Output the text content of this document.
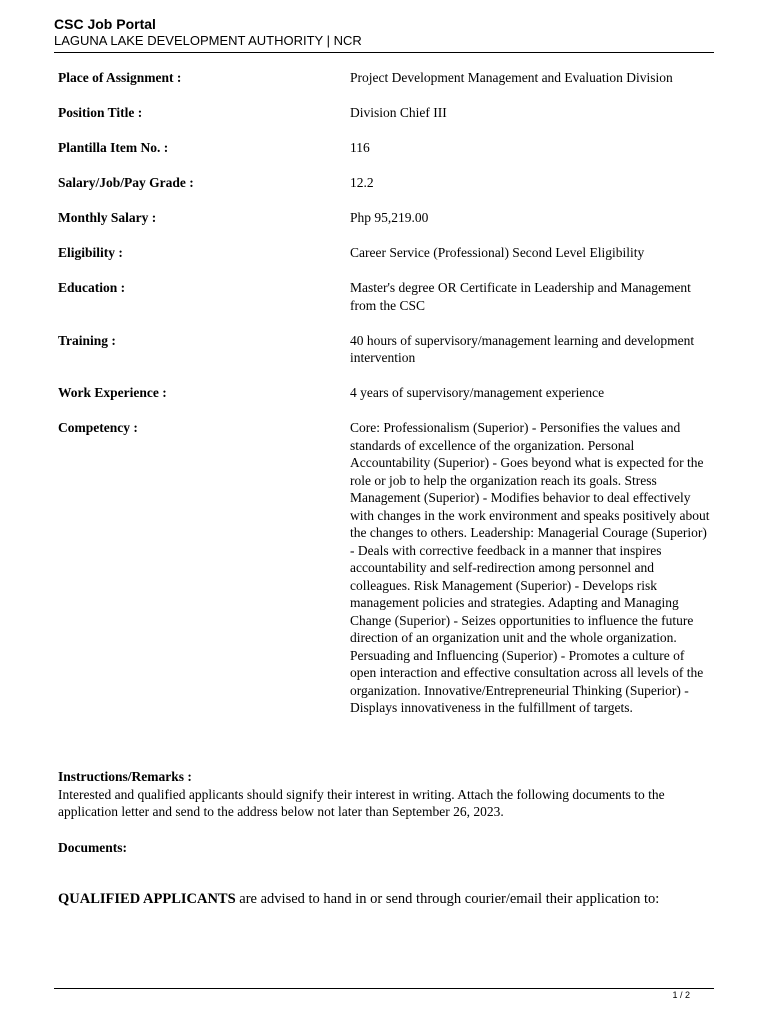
CSC Job Portal
LAGUNA LAKE DEVELOPMENT AUTHORITY | NCR
Place of Assignment :	Project Development Management and Evaluation Division
Position Title :	Division Chief III
Plantilla Item No. :	116
Salary/Job/Pay Grade :	12.2
Monthly Salary :	Php 95,219.00
Eligibility :	Career Service (Professional) Second Level Eligibility
Education :	Master's degree OR Certificate in Leadership and Management from the CSC
Training :	40 hours of supervisory/management learning and development intervention
Work Experience :	4 years of supervisory/management experience
Competency :	Core: Professionalism (Superior) - Personifies the values and standards of excellence of the organization. Personal Accountability (Superior) - Goes beyond what is expected for the role or job to help the organization reach its goals. Stress Management (Superior) - Modifies behavior to deal effectively with changes in the work environment and speaks positively about the changes to others. Leadership: Managerial Courage (Superior) - Deals with corrective feedback in a manner that inspires accountability and self-redirection among personnel and colleagues. Risk Management (Superior) - Develops risk management policies and strategies. Adapting and Managing Change (Superior) - Seizes opportunities to influence the future direction of an organization unit and the whole organization. Persuading and Influencing (Superior) - Promotes a culture of open interaction and effective consultation across all levels of the organization. Innovative/Entrepreneurial Thinking (Superior) - Displays innovativeness in the fulfillment of targets.
Instructions/Remarks :
Interested and qualified applicants should signify their interest in writing. Attach the following documents to the application letter and send to the address below not later than September 26, 2023.
Documents:
QUALIFIED APPLICANTS are advised to hand in or send through courier/email their application to:
1 / 2
